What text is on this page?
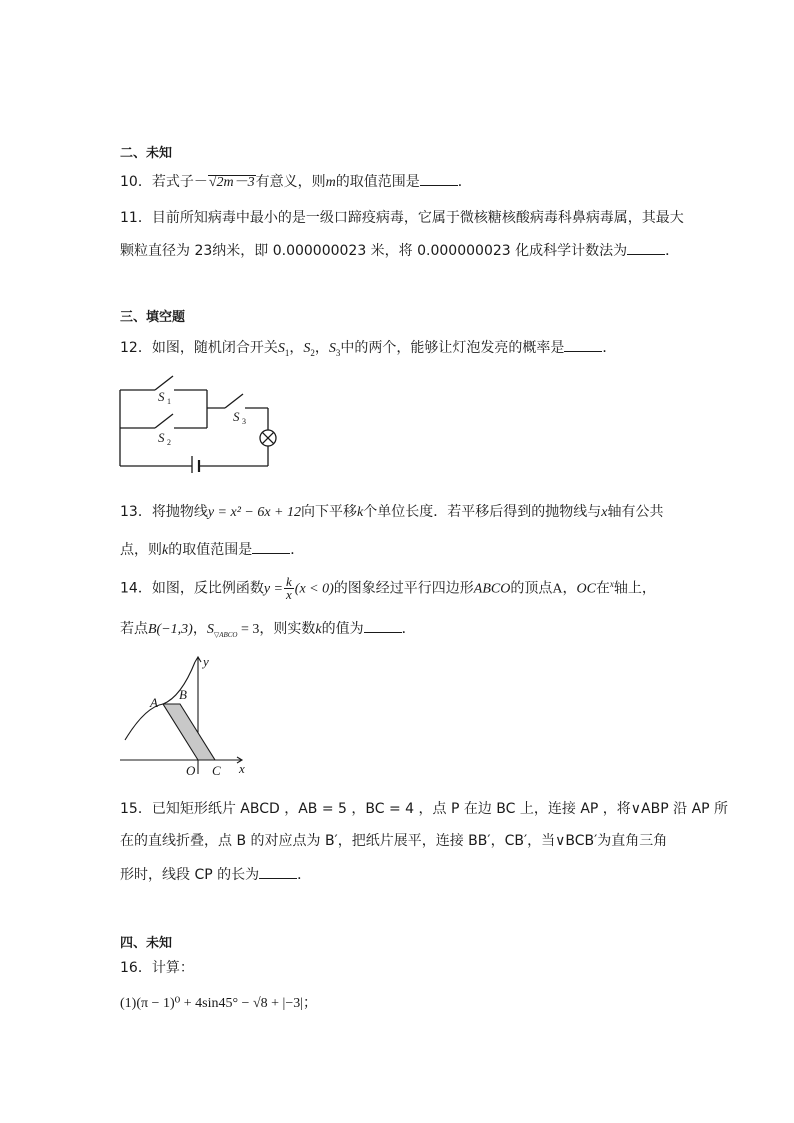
二、未知
10．若式子－√2m－3有意义，则m的取值范围是	．
11．目前所知病毒中最小的是一级口蹄疫病毒，它属于微核糖核酸病毒科鼻病毒属，其最大
颗粒直径为 23纳米，即 0.000000023 米，将 0.000000023 化成科学计数法为	．
三、填空题
12．如图，随机闭合开关$S_1$，$S_2$，$S_3$中的两个，能够让灯泡发亮的概率是	．
S 1
S 2
S 3
13．将抛物线y = x² − 6x + 12向下平移k个单位长度．若平移后得到的抛物线与x轴有公共
点，则k的取值范围是	．
14．如图，反比例函数$y = \frac{k}{x} (x < 0)$的图象经过平行四边形ABCO的顶点A，OC在$^x$轴上，
若点B(−1,3)，$S_{▽ABCO} = 3$，则实数k的值为	．
A
B
O C x
y
15．已知矩形纸片 ABCD ，AB = 5 ，BC = 4 ，点 P 在边 BC 上，连接 AP ，将∨ABP 沿 AP 所
在的直线折叠，点 B 的对应点为 B′，把纸片展平，连接 BB′，CB′，当∨BCB′为直角三角
形时，线段 CP 的长为	．
四、未知
16．计算：
(1)(π − 1)⁰ + 4sin45° − √8 + |−3|；
